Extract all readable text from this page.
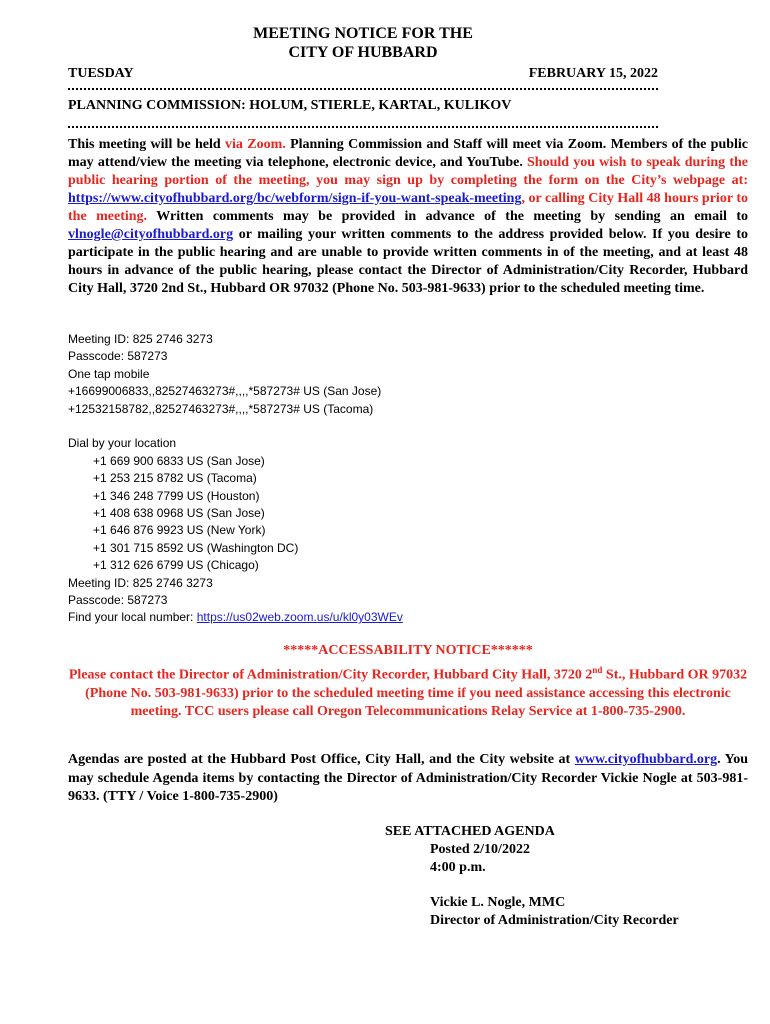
MEETING NOTICE FOR THE
CITY OF HUBBARD
TUESDAY	FEBRUARY 15, 2022
PLANNING COMMISSION: HOLUM, STIERLE, KARTAL, KULIKOV
This meeting will be held via Zoom. Planning Commission and Staff will meet via Zoom. Members of the public may attend/view the meeting via telephone, electronic device, and YouTube. Should you wish to speak during the public hearing portion of the meeting, you may sign up by completing the form on the City’s webpage at: https://www.cityofhubbard.org/bc/webform/sign-if-you-want-speak-meeting, or calling City Hall 48 hours prior to the meeting. Written comments may be provided in advance of the meeting by sending an email to vlnogle@cityofhubbard.org or mailing your written comments to the address provided below. If you desire to participate in the public hearing and are unable to provide written comments in of the meeting, and at least 48 hours in advance of the public hearing, please contact the Director of Administration/City Recorder, Hubbard City Hall, 3720 2nd St., Hubbard OR 97032 (Phone No. 503-981-9633) prior to the scheduled meeting time.
Meeting ID: 825 2746 3273
Passcode: 587273
One tap mobile
+16699006833,,82527463273#,,,,*587273# US (San Jose)
+12532158782,,82527463273#,,,,*587273# US (Tacoma)
Dial by your location
+1 669 900 6833 US (San Jose)
+1 253 215 8782 US (Tacoma)
+1 346 248 7799 US (Houston)
+1 408 638 0968 US (San Jose)
+1 646 876 9923 US (New York)
+1 301 715 8592 US (Washington DC)
+1 312 626 6799 US (Chicago)
Meeting ID: 825 2746 3273
Passcode: 587273
Find your local number: https://us02web.zoom.us/u/kl0y03WEv
*****ACCESSABILITY NOTICE******
Please contact the Director of Administration/City Recorder, Hubbard City Hall, 3720 2nd St., Hubbard OR 97032 (Phone No. 503-981-9633) prior to the scheduled meeting time if you need assistance accessing this electronic meeting. TCC users please call Oregon Telecommunications Relay Service at 1-800-735-2900.
Agendas are posted at the Hubbard Post Office, City Hall, and the City website at www.cityofhubbard.org. You may schedule Agenda items by contacting the Director of Administration/City Recorder Vickie Nogle at 503-981-9633. (TTY / Voice 1-800-735-2900)
SEE ATTACHED AGENDA
Posted 2/10/2022
4:00 p.m.
Vickie L. Nogle, MMC
Director of Administration/City Recorder
